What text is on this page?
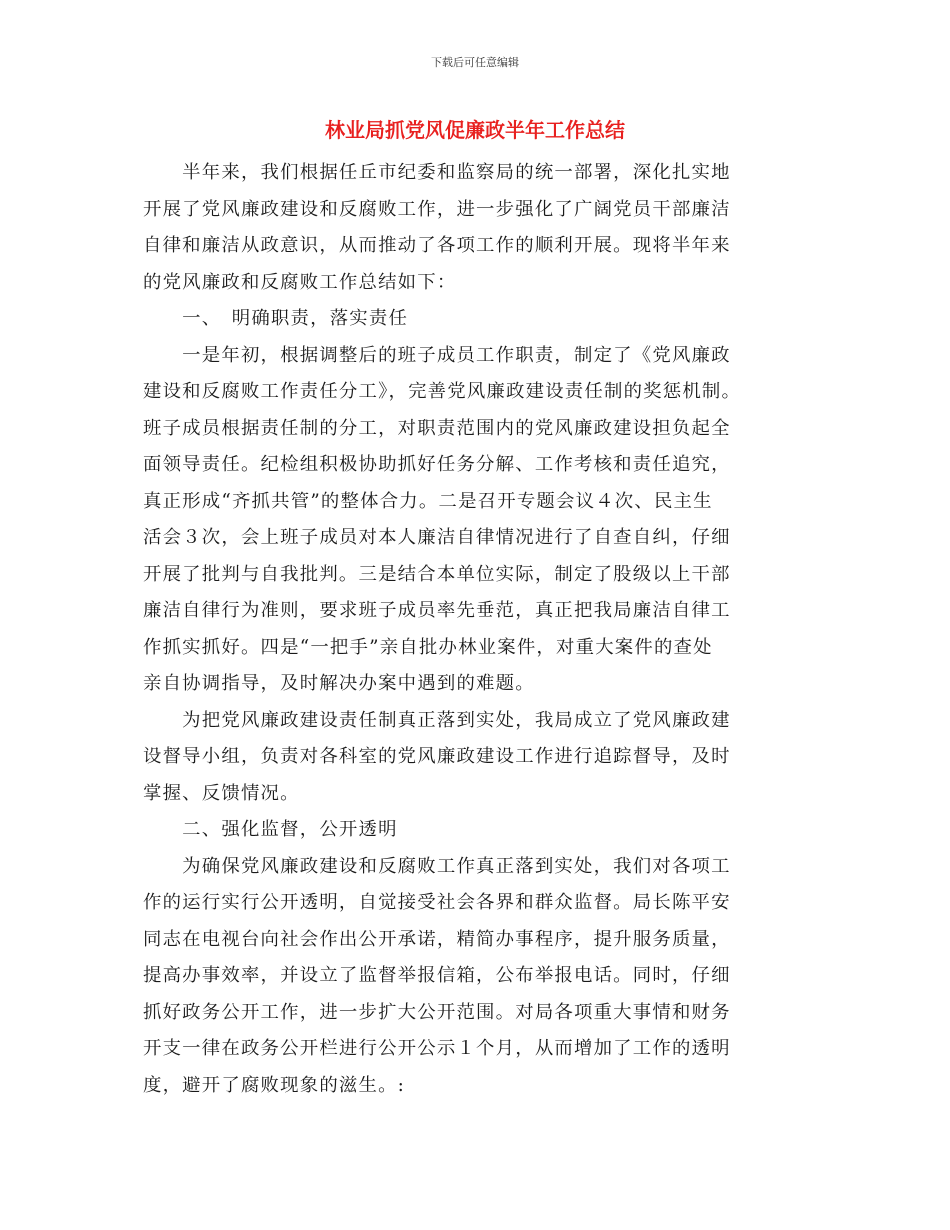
下载后可任意编辑
林业局抓党风促廉政半年工作总结

　　半年来，我们根据任丘市纪委和监察局的统一部署，深化扎实地

开展了党风廉政建设和反腐败工作，进一步强化了广阔党员干部廉洁

自律和廉洁从政意识，从而推动了各项工作的顺利开展。现将半年来

的党风廉政和反腐败工作总结如下：

　　一、　明确职责，落实责任

　　一是年初，根据调整后的班子成员工作职责，制定了《党风廉政

建设和反腐败工作责任分工》，完善党风廉政建设责任制的奖惩机制。

班子成员根据责任制的分工，对职责范围内的党风廉政建设担负起全

面领导责任。纪检组积极协助抓好任务分解、工作考核和责任追究，

真正形成“齐抓共管”的整体合力。二是召开专题会议４次、民主生

活会３次，会上班子成员对本人廉洁自律情况进行了自查自纠，仔细

开展了批判与自我批判。三是结合本单位实际，制定了股级以上干部

廉洁自律行为准则，要求班子成员率先垂范，真正把我局廉洁自律工

作抓实抓好。四是“一把手”亲自批办林业案件，对重大案件的查处

亲自协调指导，及时解决办案中遇到的难题。

　　为把党风廉政建设责任制真正落到实处，我局成立了党风廉政建

设督导小组，负责对各科室的党风廉政建设工作进行追踪督导，及时

掌握、反馈情况。

　　二、强化监督，公开透明

　　为确保党风廉政建设和反腐败工作真正落到实处，我们对各项工

作的运行实行公开透明，自觉接受社会各界和群众监督。局长陈平安

同志在电视台向社会作出公开承诺，精简办事程序，提升服务质量，

提高办事效率，并设立了监督举报信箱，公布举报电话。同时，仔细

抓好政务公开工作，进一步扩大公开范围。对局各项重大事情和财务

开支一律在政务公开栏进行公开公示１个月，从而增加了工作的透明

度，避开了腐败现象的滋生。:
